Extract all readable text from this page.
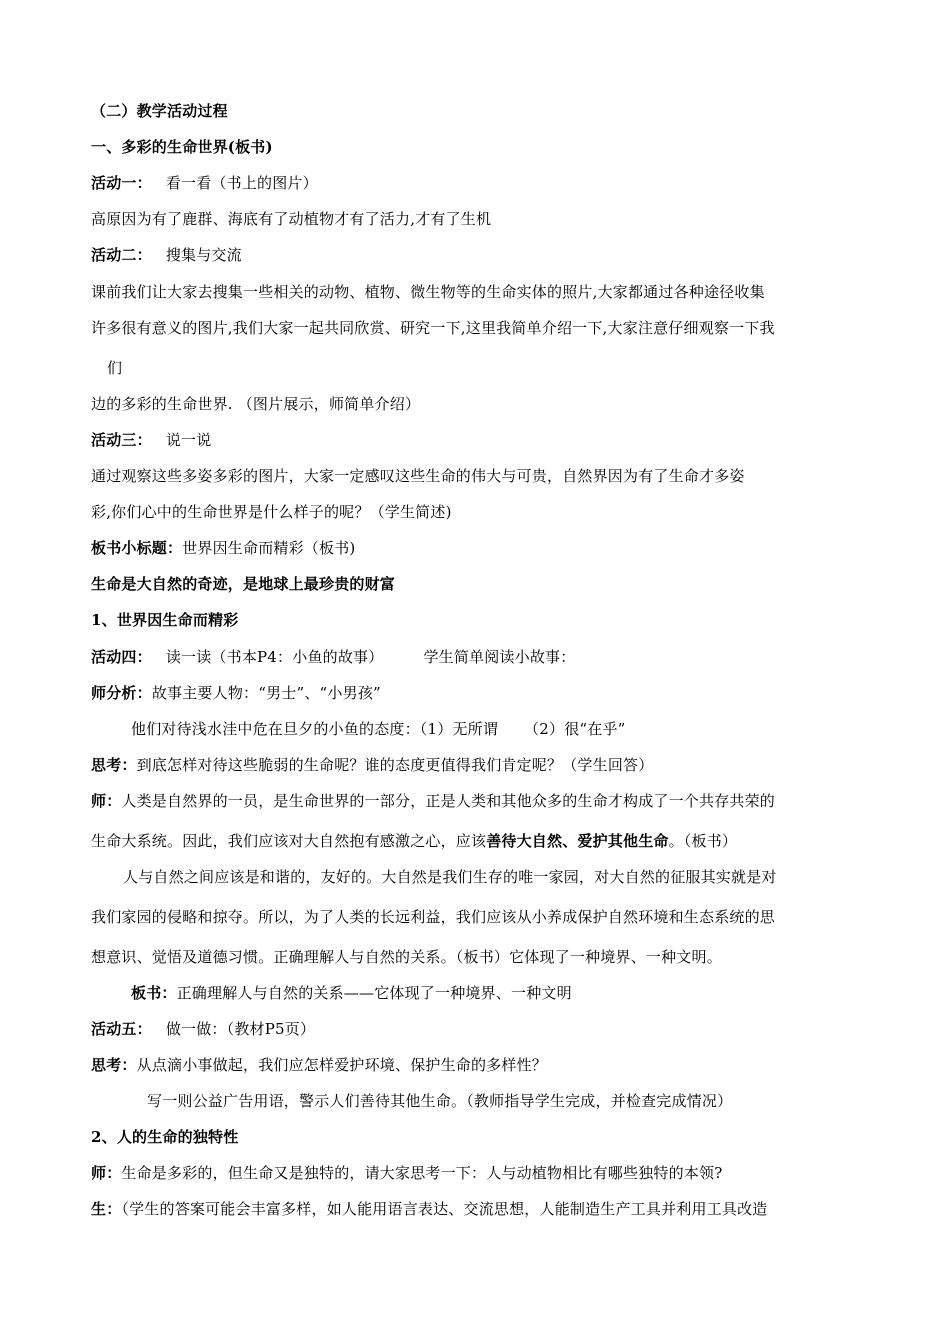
（二）教学活动过程
一、多彩的生命世界(板书)
活动一： 看一看（书上的图片）
高原因为有了鹿群、海底有了动植物才有了活力,才有了生机
活动二： 搜集与交流
课前我们让大家去搜集一些相关的动物、植物、微生物等的生命实体的照片,大家都通过各种途径收集
许多很有意义的图片,我们大家一起共同欣赏、研究一下,这里我简单介绍一下,大家注意仔细观察一下我
们
边的多彩的生命世界. （图片展示，师简单介绍）
活动三： 说一说
通过观察这些多姿多彩的图片，大家一定感叹这些生命的伟大与可贵，自然界因为有了生命才多姿
彩,你们心中的生命世界是什么样子的呢？（学生简述)
板书小标题：世界因生命而精彩（板书)
生命是大自然的奇迹，是地球上最珍贵的财富
1、世界因生命而精彩
活动四： 读一读（书本P4：小鱼的故事）	学生简单阅读小故事：
师分析：故事主要人物：“男士”、“小男孩”
他们对待浅水洼中危在旦夕的小鱼的态度：（1）无所谓 （2）很“在乎”
思考：到底怎样对待这些脆弱的生命呢？谁的态度更值得我们肯定呢？（学生回答）
师：人类是自然界的一员，是生命世界的一部分，正是人类和其他众多的生命才构成了一个共存共荣的
生命大系统。因此，我们应该对大自然抱有感激之心，应该善待大自然、爱护其他生命。（板书）
人与自然之间应该是和谐的，友好的。大自然是我们生存的唯一家园，对大自然的征服其实就是对
我们家园的侵略和掠夺。所以，为了人类的长远利益，我们应该从小养成保护自然环境和生态系统的思
想意识、觉悟及道德习惯。正确理解人与自然的关系。（板书）它体现了一种境界、一种文明。
板书：正确理解人与自然的关系——它体现了一种境界、一种文明
活动五： 做一做：（教材P5页）
思考：从点滴小事做起，我们应怎样爱护环境、保护生命的多样性？
写一则公益广告用语，警示人们善待其他生命。（教师指导学生完成，并检查完成情况）
2、人的生命的独特性
师：生命是多彩的，但生命又是独特的，请大家思考一下：人与动植物相比有哪些独特的本领?
生：（学生的答案可能会丰富多样，如人能用语言表达、交流思想，人能制造生产工具并利用工具改造
